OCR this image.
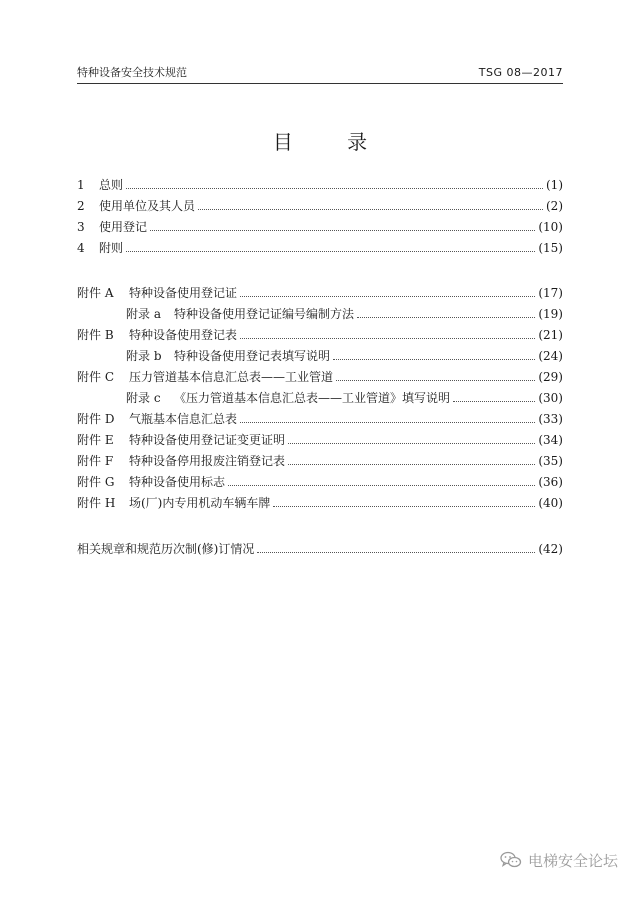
特种设备安全技术规范	TSG 08—2017
目 录
1	总则	(1)
2	使用单位及其人员	(2)
3	使用登记	(10)
4	附则	(15)
附件 A	特种设备使用登记证	(17)
附录 a	特种设备使用登记证编号编制方法	(19)
附件 B	特种设备使用登记表	(21)
附录 b	特种设备使用登记表填写说明	(24)
附件 C	压力管道基本信息汇总表——工业管道	(29)
附录 c	《压力管道基本信息汇总表——工业管道》填写说明	(30)
附件 D	气瓶基本信息汇总表	(33)
附件 E	特种设备使用登记证变更证明	(34)
附件 F	特种设备停用报废注销登记表	(35)
附件 G	特种设备使用标志	(36)
附件 H	场(厂)内专用机动车辆车牌	(40)
相关规章和规范历次制(修)订情况	(42)
电梯安全论坛
